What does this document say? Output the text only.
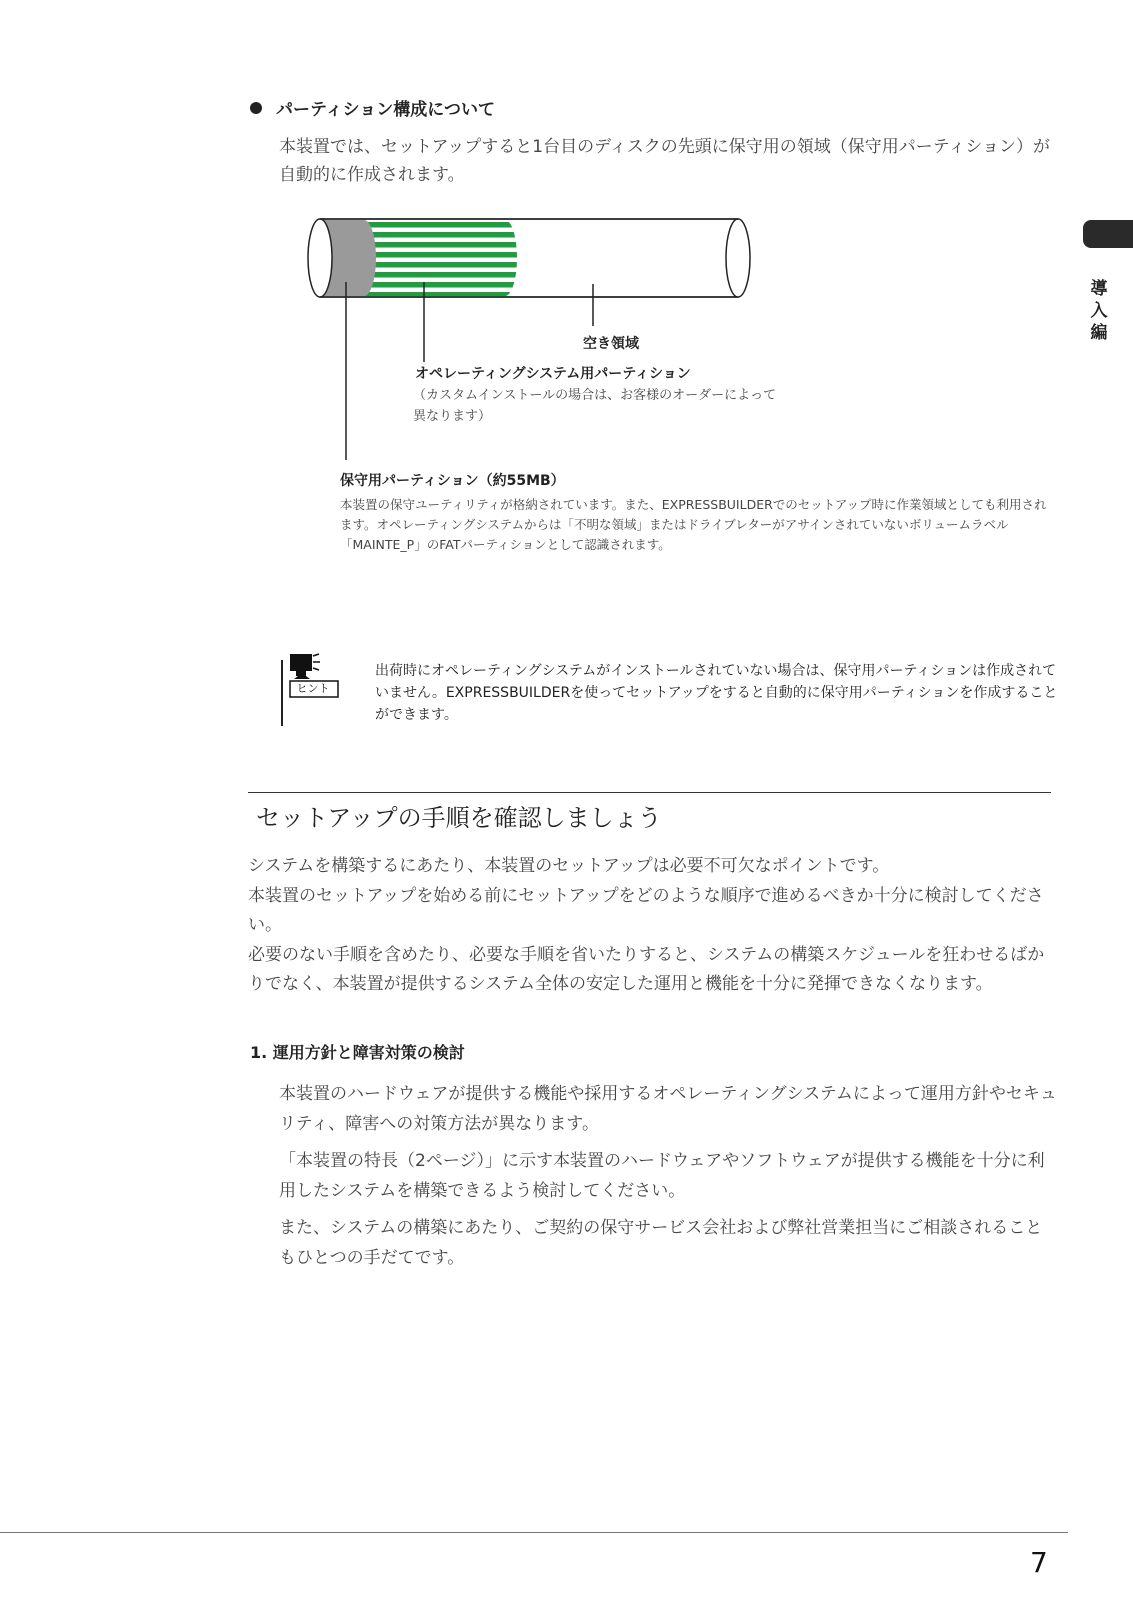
パーティション構成について
本装置では、セットアップすると1台目のディスクの先頭に保守用の領域（保守用パーティション）が自動的に作成されます。
空き領域
オペレーティングシステム用パーティション
（カスタムインストールの場合は、お客様のオーダーによって
異なります）
保守用パーティション（約55MB）
本装置の保守ユーティリティが格納されています。また、EXPRESSBUILDERでのセットアップ時に作業領域としても利用されます。オペレーティングシステムからは「不明な領域」またはドライブレターがアサインされていないボリュームラベル「MAINTE_P」のFATパーティションとして認識されます。
ヒント
出荷時にオペレーティングシステムがインストールされていない場合は、保守用パーティションは作成されていません。EXPRESSBUILDERを使ってセットアップをすると自動的に保守用パーティションを作成することができます。
セットアップの手順を確認しましょう
システムを構築するにあたり、本装置のセットアップは必要不可欠なポイントです。
本装置のセットアップを始める前にセットアップをどのような順序で進めるべきか十分に検討してください。
必要のない手順を含めたり、必要な手順を省いたりすると、システムの構築スケジュールを狂わせるばかりでなく、本装置が提供するシステム全体の安定した運用と機能を十分に発揮できなくなります。
1. 運用方針と障害対策の検討
本装置のハードウェアが提供する機能や採用するオペレーティングシステムによって運用方針やセキュリティ、障害への対策方法が異なります。
「本装置の特長（2ページ）」に示す本装置のハードウェアやソフトウェアが提供する機能を十分に利用したシステムを構築できるよう検討してください。
また、システムの構築にあたり、ご契約の保守サービス会社および弊社営業担当にご相談されることもひとつの手だてです。
導入編
7
